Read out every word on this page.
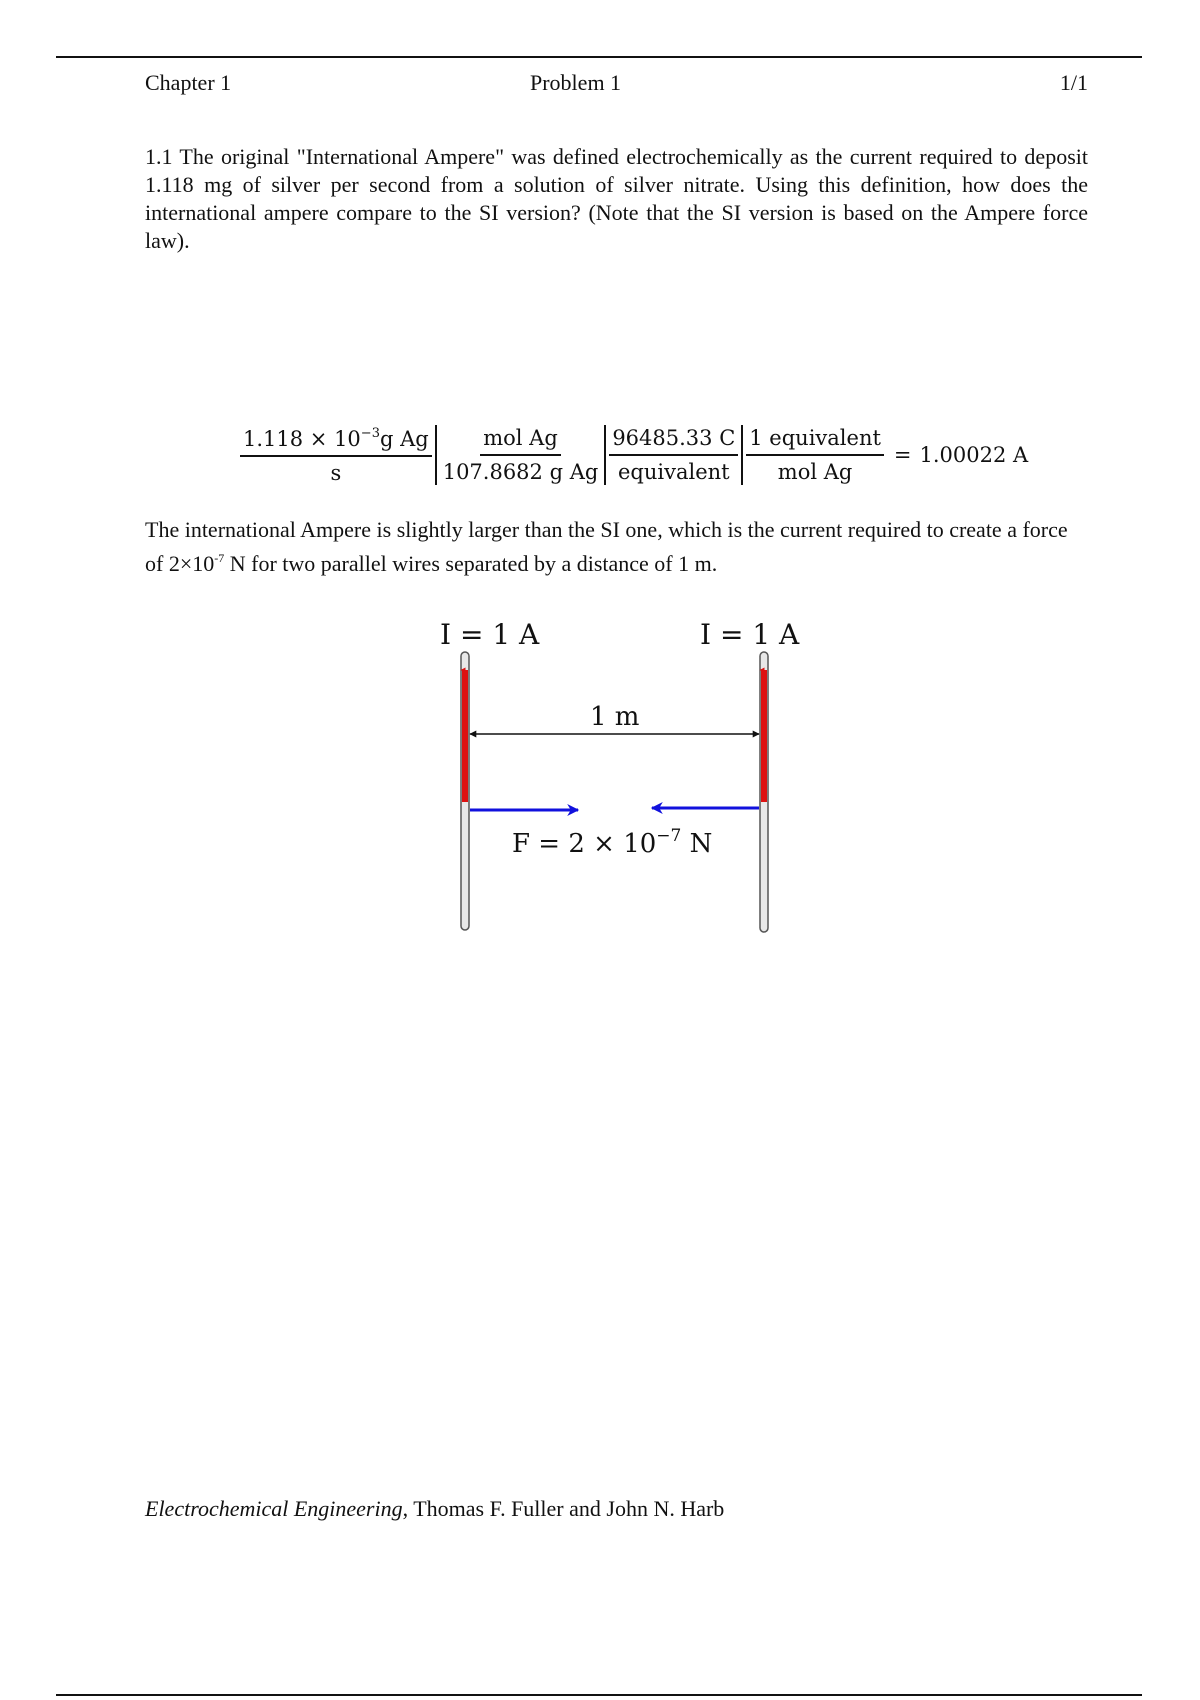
Chapter 1	Problem 1	1/1

1.1 The original "International Ampere" was defined electrochemically as the current required to deposit 1.118 mg of silver per second from a solution of silver nitrate. Using this definition, how does the international ampere compare to the SI version? (Note that the SI version is based on the Ampere force law).

$\frac{1.118 \times 10^{-3}g Ag}{s} \frac{\text{mol Ag}}{\text{107.8682 g Ag}} \frac{96485.33 C}{\text{equivalent}} \frac{\text{1 equivalent}}{\text{mol Ag}} = 1.00022$ A

The international Ampere is slightly larger than the SI one, which is the current required to create a force of $2\times 10^{-7}$ N for two parallel wires separated by a distance of 1 m.

I = 1 A	I = 1 A
1 m
$F = 2 \times 10^{-7}$ N
Electrochemical Engineering, Thomas F. Fuller and John N. Harb
